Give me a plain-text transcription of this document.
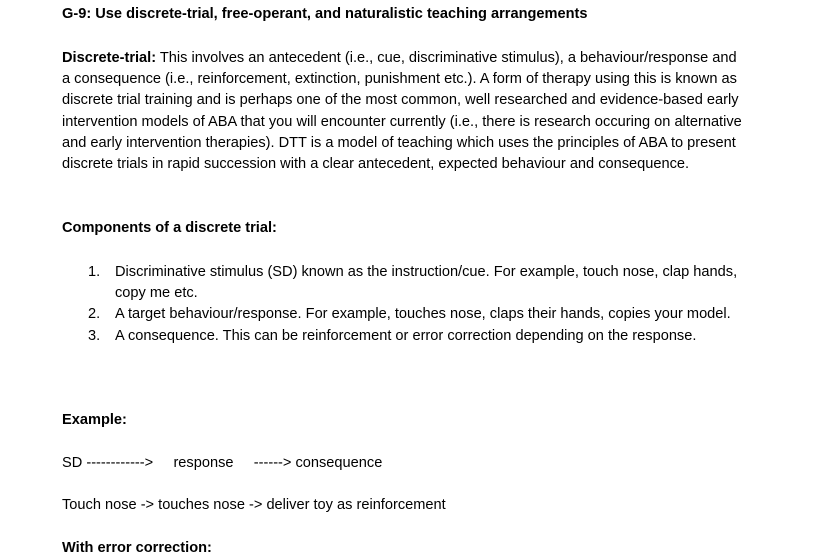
G-9: Use discrete-trial, free-operant, and naturalistic teaching arrangements

Discrete-trial: This involves an antecedent (i.e., cue, discriminative stimulus), a behaviour/response and a consequence (i.e., reinforcement, extinction, punishment etc.). A form of therapy using this is known as discrete trial training and is perhaps one of the most common, well researched and evidence-based early intervention models of ABA that you will encounter currently (i.e., there is research occuring on alternative and early intervention therapies). DTT is a model of teaching which uses the principles of ABA to present discrete trials in rapid succession with a clear antecedent, expected behaviour and consequence.

Components of a discrete trial:

1. Discriminative stimulus (SD) known as the instruction/cue. For example, touch nose, clap hands, copy me etc.
2. A target behaviour/response. For example, touches nose, claps their hands, copies your model.
3. A consequence. This can be reinforcement or error correction depending on the response.

Example:

SD ------------>     response     ------> consequence

Touch nose -> touches nose -> deliver toy as reinforcement

With error correction:
